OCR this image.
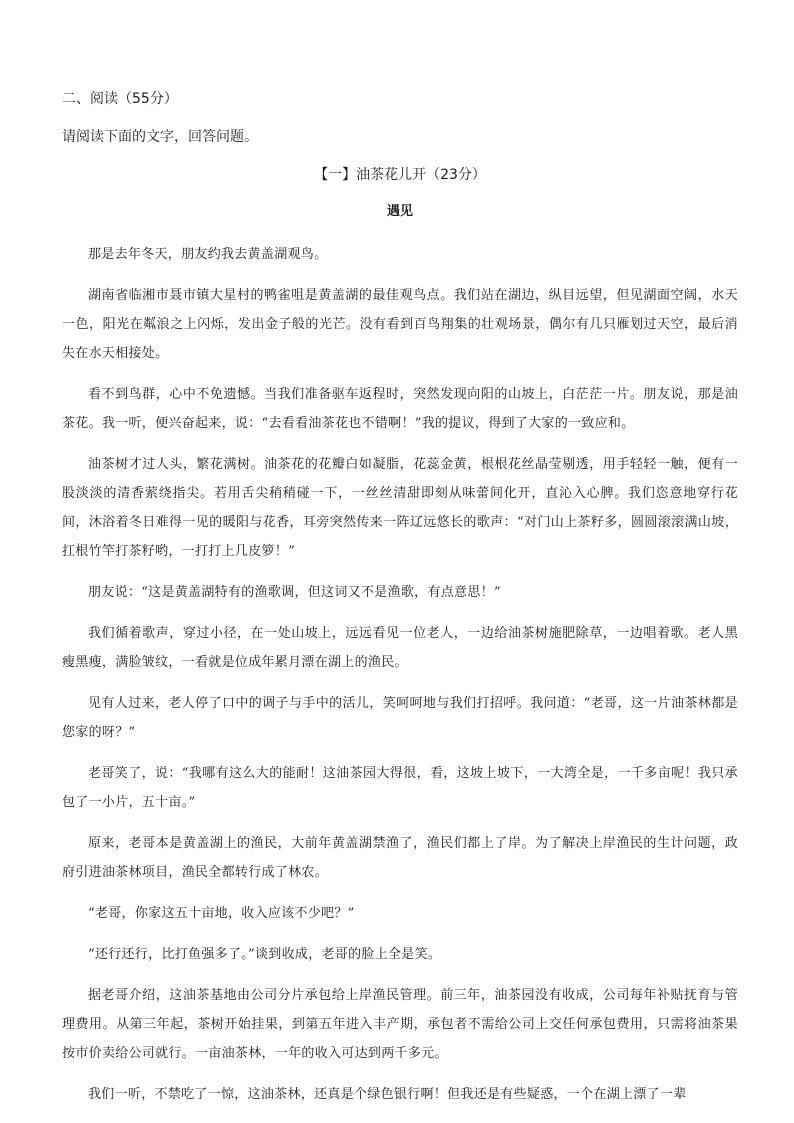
二、阅读（55分）
请阅读下面的文字，回答问题。
【一】油茶花儿开（23分）
遇见

那是去年冬天，朋友约我去黄盖湖观鸟。

湖南省临湘市聂市镇大星村的鸭雀咀是黄盖湖的最佳观鸟点。我们站在湖边，纵目远望，但见湖面空阔，水天一色，阳光在粼浪之上闪烁，发出金子般的光芒。没有看到百鸟翔集的壮观场景，偶尔有几只雁划过天空，最后消失在水天相接处。

看不到鸟群，心中不免遗憾。当我们准备驱车返程时，突然发现向阳的山坡上，白茫茫一片。朋友说，那是油茶花。我一听，便兴奋起来，说：“去看看油茶花也不错啊！”我的提议，得到了大家的一致应和。

油茶树才过人头，繁花满树。油茶花的花瓣白如凝脂，花蕊金黄，根根花丝晶莹剔透，用手轻轻一触，便有一股淡淡的清香萦绕指尖。若用舌尖稍稍碰一下，一丝丝清甜即刻从味蕾间化开，直沁入心脾。我们恣意地穿行花间，沐浴着冬日难得一见的暖阳与花香，耳旁突然传来一阵辽远悠长的歌声：“对门山上茶籽多，圆圆滚滚满山坡，扛根竹竿打茶籽哟，一打打上几皮箩！”

朋友说：“这是黄盖湖特有的渔歌调，但这词又不是渔歌，有点意思！”

我们循着歌声，穿过小径，在一处山坡上，远远看见一位老人，一边给油茶树施肥除草，一边唱着歌。老人黑瘦黑瘦，满脸皱纹，一看就是位成年累月漂在湖上的渔民。

见有人过来，老人停了口中的调子与手中的活儿，笑呵呵地与我们打招呼。我问道：“老哥，这一片油茶林都是您家的呀？”

老哥笑了，说：“我哪有这么大的能耐！这油茶园大得很，看，这坡上坡下，一大湾全是，一千多亩呢！我只承包了一小片，五十亩。”

原来，老哥本是黄盖湖上的渔民，大前年黄盖湖禁渔了，渔民们都上了岸。为了解决上岸渔民的生计问题，政府引进油茶林项目，渔民全都转行成了林农。

“老哥，你家这五十亩地，收入应该不少吧？”

“还行还行，比打鱼强多了。”谈到收成，老哥的脸上全是笑。

据老哥介绍，这油茶基地由公司分片承包给上岸渔民管理。前三年，油茶园没有收成，公司每年补贴抚育与管理费用。从第三年起，茶树开始挂果，到第五年进入丰产期，承包者不需给公司上交任何承包费用，只需将油茶果按市价卖给公司就行。一亩油茶林，一年的收入可达到两千多元。

我们一听，不禁吃了一惊，这油茶林，还真是个绿色银行啊！但我还是有些疑惑，一个在湖上漂了一辈
